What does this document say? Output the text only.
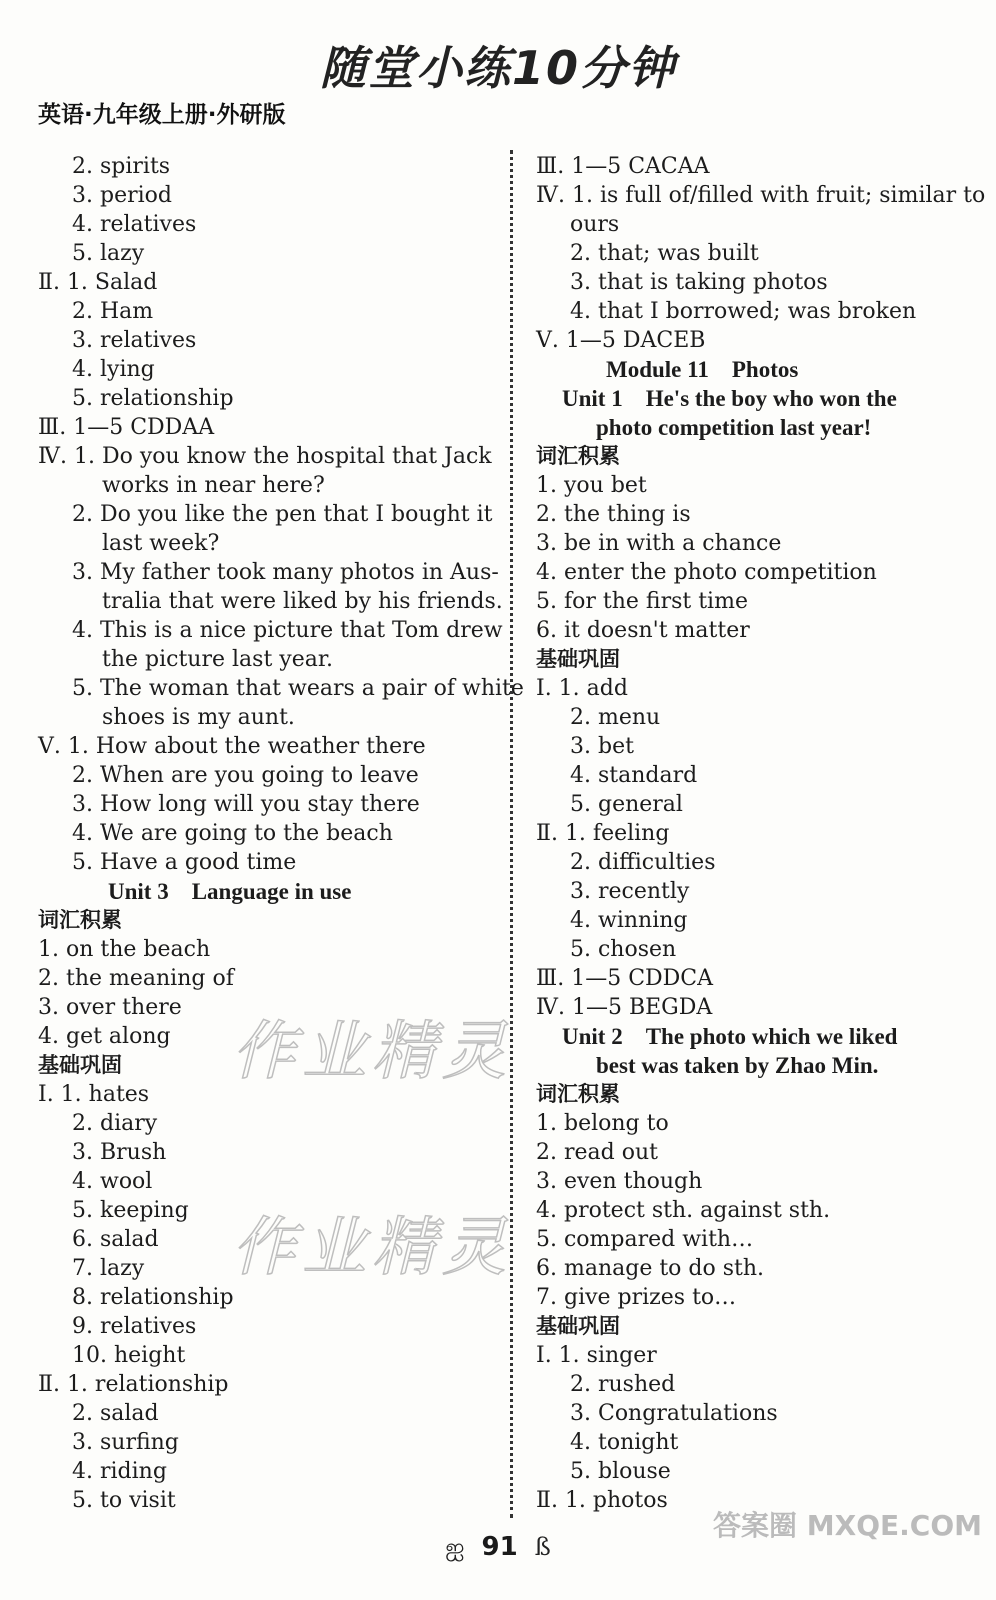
随堂小练10分钟
英语·九年级上册·外研版
2. spirits
3. period
4. relatives
5. lazy
Ⅱ. 1. Salad
2. Ham
3. relatives
4. lying
5. relationship
Ⅲ. 1—5 CDDAA
Ⅳ. 1. Do you know the hospital that Jack
works in near here?
2. Do you like the pen that I bought it
last week?
3. My father took many photos in Aus-
tralia that were liked by his friends.
4. This is a nice picture that Tom drew
the picture last year.
5. The woman that wears a pair of white
shoes is my aunt.
Ⅴ. 1. How about the weather there
2. When are you going to leave
3. How long will you stay there
4. We are going to the beach
5. Have a good time
Unit 3　Language in use
词汇积累
1. on the beach
2. the meaning of
3. over there
4. get along
基础巩固
Ⅰ. 1. hates
2. diary
3. Brush
4. wool
5. keeping
6. salad
7. lazy
8. relationship
9. relatives
10. height
Ⅱ. 1. relationship
2. salad
3. surfing
4. riding
5. to visit
Ⅲ. 1—5 CACAA
Ⅳ. 1. is full of/filled with fruit; similar to
ours
2. that; was built
3. that is taking photos
4. that I borrowed; was broken
Ⅴ. 1—5 DACEB
Module 11　Photos
Unit 1　He's the boy who won the
photo competition last year!
词汇积累
1. you bet
2. the thing is
3. be in with a chance
4. enter the photo competition
5. for the first time
6. it doesn't matter
基础巩固
Ⅰ. 1. add
2. menu
3. bet
4. standard
5. general
Ⅱ. 1. feeling
2. difficulties
3. recently
4. winning
5. chosen
Ⅲ. 1—5 CDDCA
Ⅳ. 1—5 BEGDA
Unit 2　The photo which we liked
best was taken by Zhao Min.
词汇积累
1. belong to
2. read out
3. even though
4. protect sth. against sth.
5. compared with…
6. manage to do sth.
7. give prizes to…
基础巩固
Ⅰ. 1. singer
2. rushed
3. Congratulations
4. tonight
5. blouse
Ⅱ. 1. photos
作业精灵
作业精灵
ஐ 91 ß
答案圈 MXQE.COM
